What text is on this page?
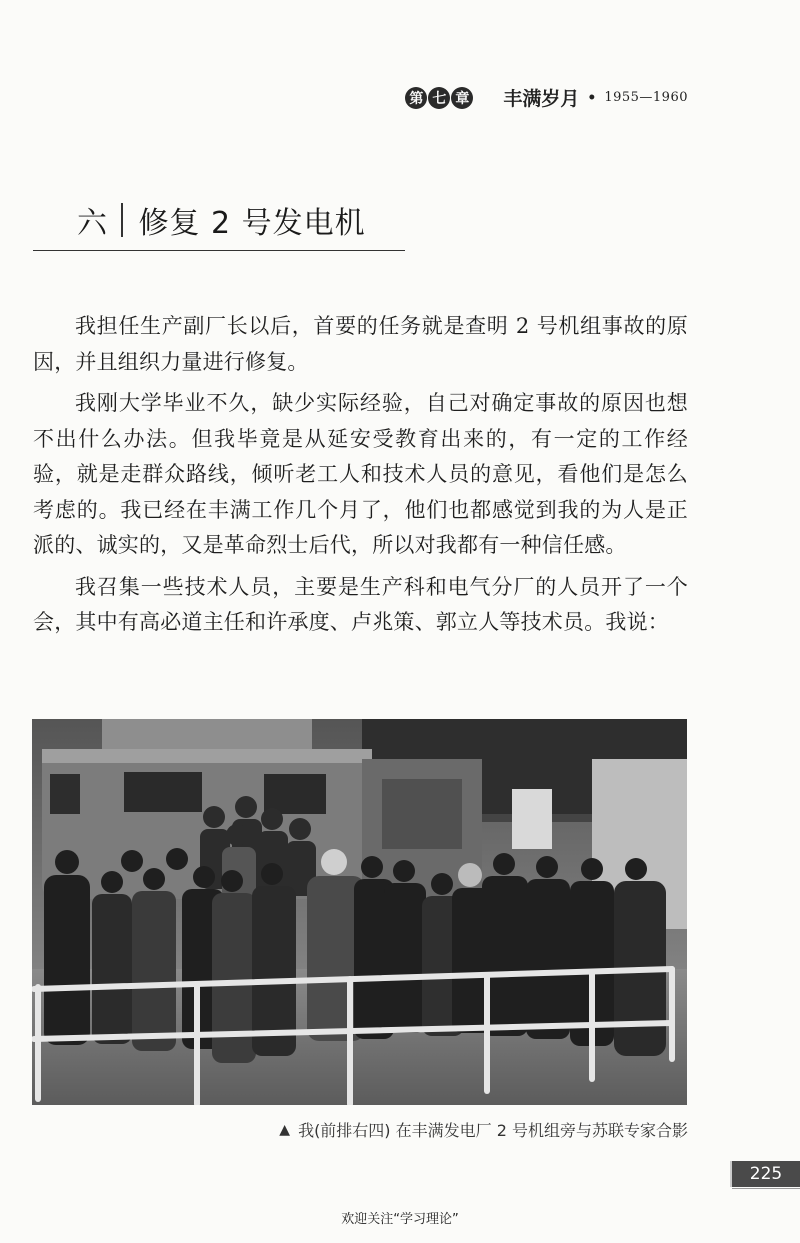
第 七 章 丰满岁月 • 1955—1960
六 修复 2 号发电机

我担任生产副厂长以后，首要的任务就是查明 2 号机组事故的原因，并且组织力量进行修复。

我刚大学毕业不久，缺少实际经验，自己对确定事故的原因也想不出什么办法。但我毕竟是从延安受教育出来的，有一定的工作经验，就是走群众路线，倾听老工人和技术人员的意见，看他们是怎么考虑的。我已经在丰满工作几个月了，他们也都感觉到我的为人是正派的、诚实的，又是革命烈士后代，所以对我都有一种信任感。

我召集一些技术人员，主要是生产科和电气分厂的人员开了一个会，其中有高必道主任和许承度、卢兆策、郭立人等技术员。我说：

▲ 我(前排右四) 在丰满发电厂 2 号机组旁与苏联专家合影
225
欢迎关注“学习理论”
